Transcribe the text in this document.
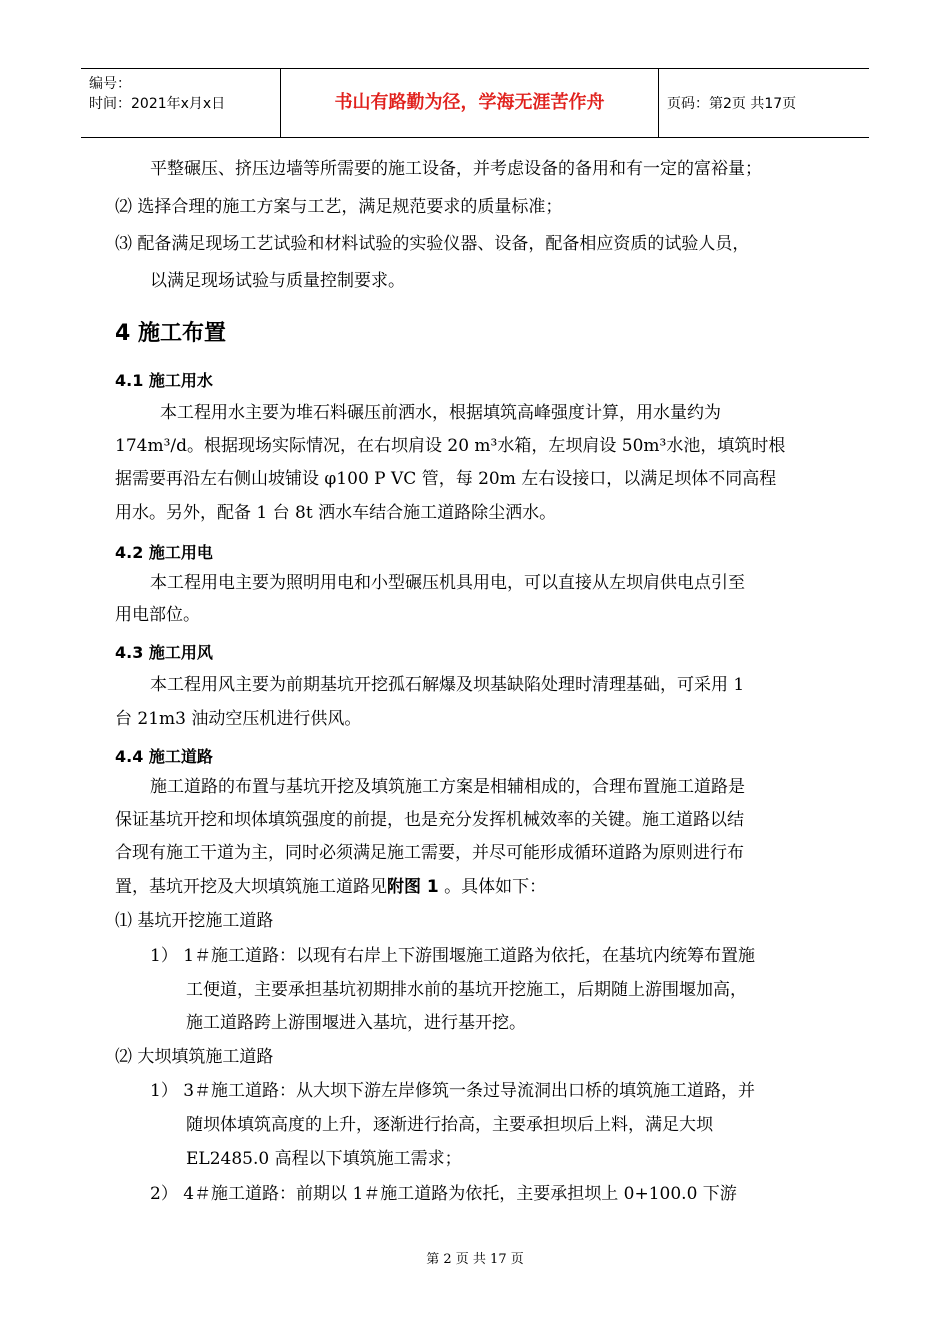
编号：
时间：2021年x月x日	书山有路勤为径，学海无涯苦作舟	页码：第2页 共17页
平整碾压、挤压边墙等所需要的施工设备，并考虑设备的备用和有一定的富裕量；
⑵ 选择合理的施工方案与工艺，满足规范要求的质量标准；
⑶ 配备满足现场工艺试验和材料试验的实验仪器、设备，配备相应资质的试验人员，
以满足现场试验与质量控制要求。
4 施工布置
4.1 施工用水
本工程用水主要为堆石料碾压前洒水，根据填筑高峰强度计算，用水量约为
174m³/d。根据现场实际情况，在右坝肩设 20 m³水箱，左坝肩设 50m³水池，填筑时根
据需要再沿左右侧山坡铺设 φ100 P VC 管，每 20m 左右设接口，以满足坝体不同高程
用水。另外，配备 1 台 8t 洒水车结合施工道路除尘洒水。
4.2 施工用电
本工程用电主要为照明用电和小型碾压机具用电，可以直接从左坝肩供电点引至
用电部位。
4.3 施工用风
本工程用风主要为前期基坑开挖孤石解爆及坝基缺陷处理时清理基础，可采用 1
台 21m3 油动空压机进行供风。
4.4 施工道路
施工道路的布置与基坑开挖及填筑施工方案是相辅相成的，合理布置施工道路是
保证基坑开挖和坝体填筑强度的前提，也是充分发挥机械效率的关键。施工道路以结
合现有施工干道为主，同时必须满足施工需要，并尽可能形成循环道路为原则进行布
置，基坑开挖及大坝填筑施工道路见附图 1 。具体如下：
⑴ 基坑开挖施工道路
1） 1＃施工道路：以现有右岸上下游围堰施工道路为依托，在基坑内统筹布置施
工便道，主要承担基坑初期排水前的基坑开挖施工，后期随上游围堰加高，
施工道路跨上游围堰进入基坑，进行基开挖。
⑵ 大坝填筑施工道路
1） 3＃施工道路：从大坝下游左岸修筑一条过导流洞出口桥的填筑施工道路，并
随坝体填筑高度的上升，逐渐进行抬高，主要承担坝后上料，满足大坝
EL2485.0 高程以下填筑施工需求；
2） 4＃施工道路：前期以 1＃施工道路为依托，主要承担坝上 0+100.0 下游
第 2 页 共 17 页
